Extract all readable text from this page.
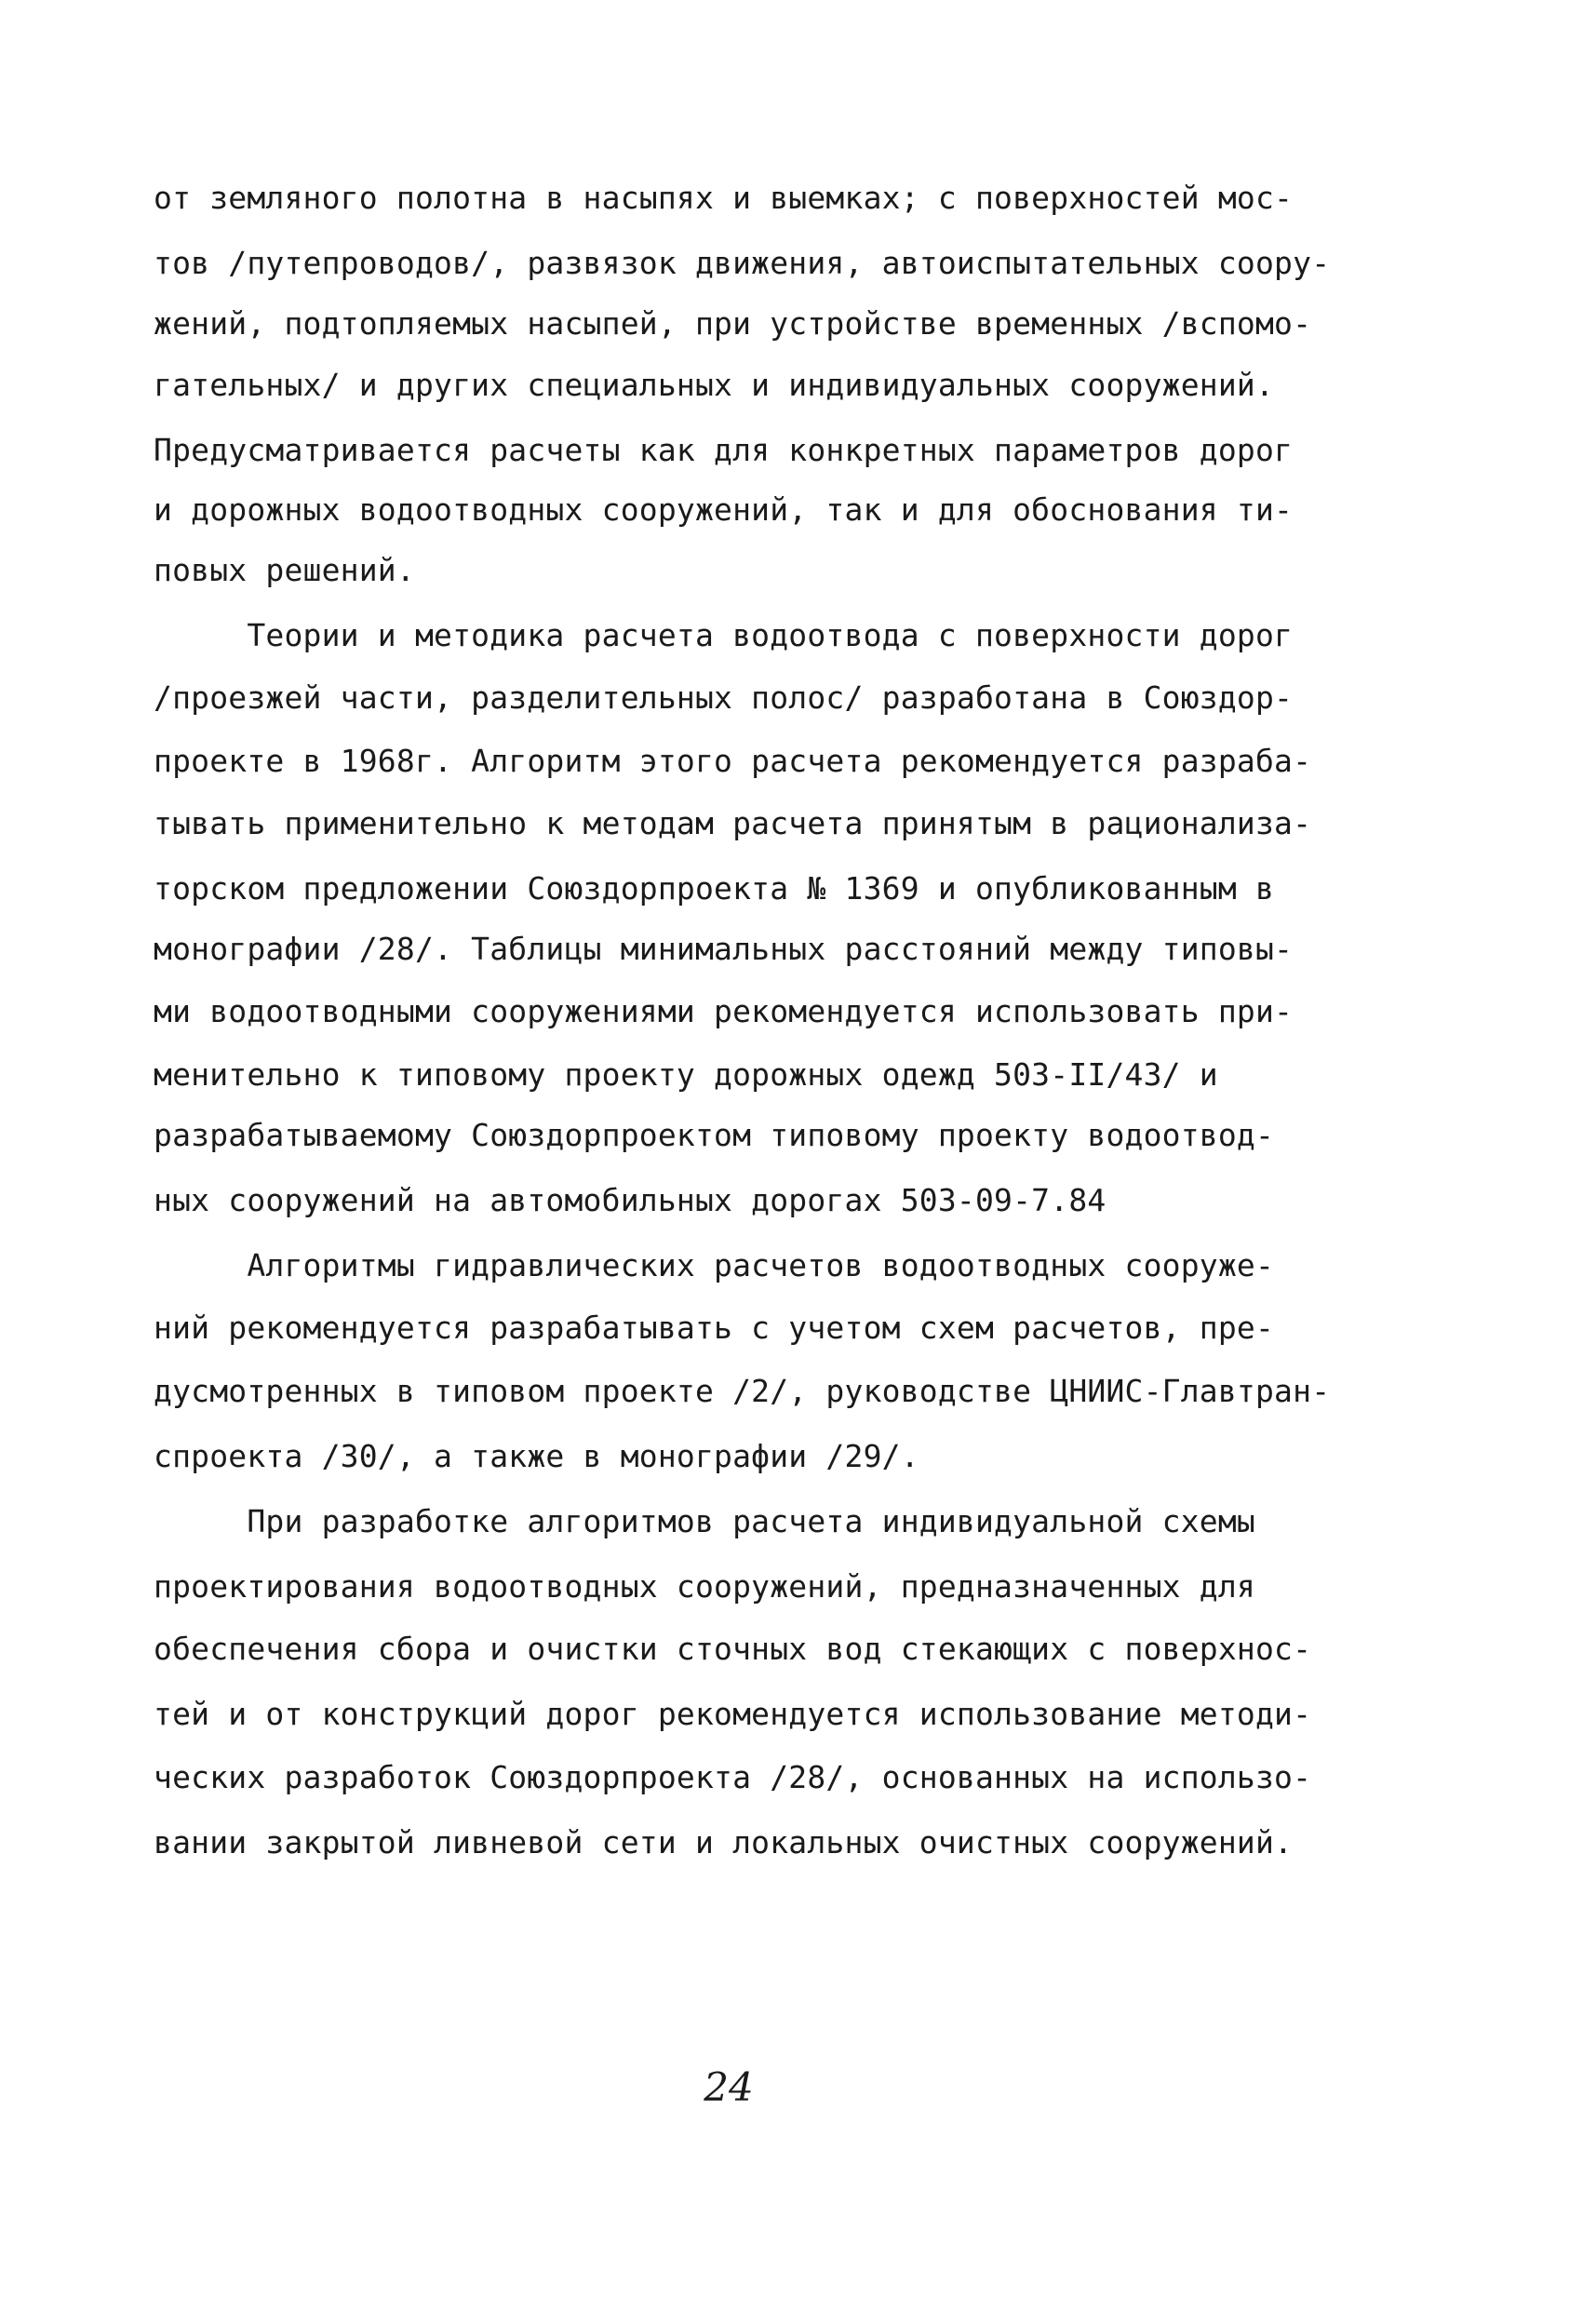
от земляного полотна в насыпях и выемках; с поверхностей мос-
тов /путепроводов/, развязок движения, автоиспытательных соору-
жений, подтопляемых насыпей, при устройстве временных /вспомо-
гательных/ и других специальных и индивидуальных сооружений.
Предусматривается расчеты как для конкретных параметров дорог
и дорожных водоотводных сооружений, так и для обоснования ти-
повых решений.
Теории и методика расчета водоотвода с поверхности дорог
/проезжей части, разделительных полос/ разработана в Союздор-
проекте в 1968г. Алгоритм этого расчета рекомендуется разраба-
тывать применительно к методам расчета принятым в рационализа-
торском предложении Союздорпроекта № 1369 и опубликованным в
монографии /28/. Таблицы минимальных расстояний между типовы-
ми водоотводными сооружениями рекомендуется использовать при-
менительно к типовому проекту дорожных одежд 503-II/43/ и
разрабатываемому Союздорпроектом типовому проекту водоотвод-
ных сооружений на автомобильных дорогах 503-09-7.84
Алгоритмы гидравлических расчетов водоотводных сооруже-
ний рекомендуется разрабатывать с учетом схем расчетов, пре-
дусмотренных в типовом проекте /2/, руководстве ЦНИИС-Главтран-
спроекта /30/, а также в монографии /29/.
При разработке алгоритмов расчета индивидуальной схемы
проектирования водоотводных сооружений, предназначенных для
обеспечения сбора и очистки сточных вод стекающих с поверхнос-
тей и от конструкций дорог рекомендуется использование методи-
ческих разработок Союздорпроекта /28/, основанных на использо-
вании закрытой ливневой сети и локальных очистных сооружений.
24
